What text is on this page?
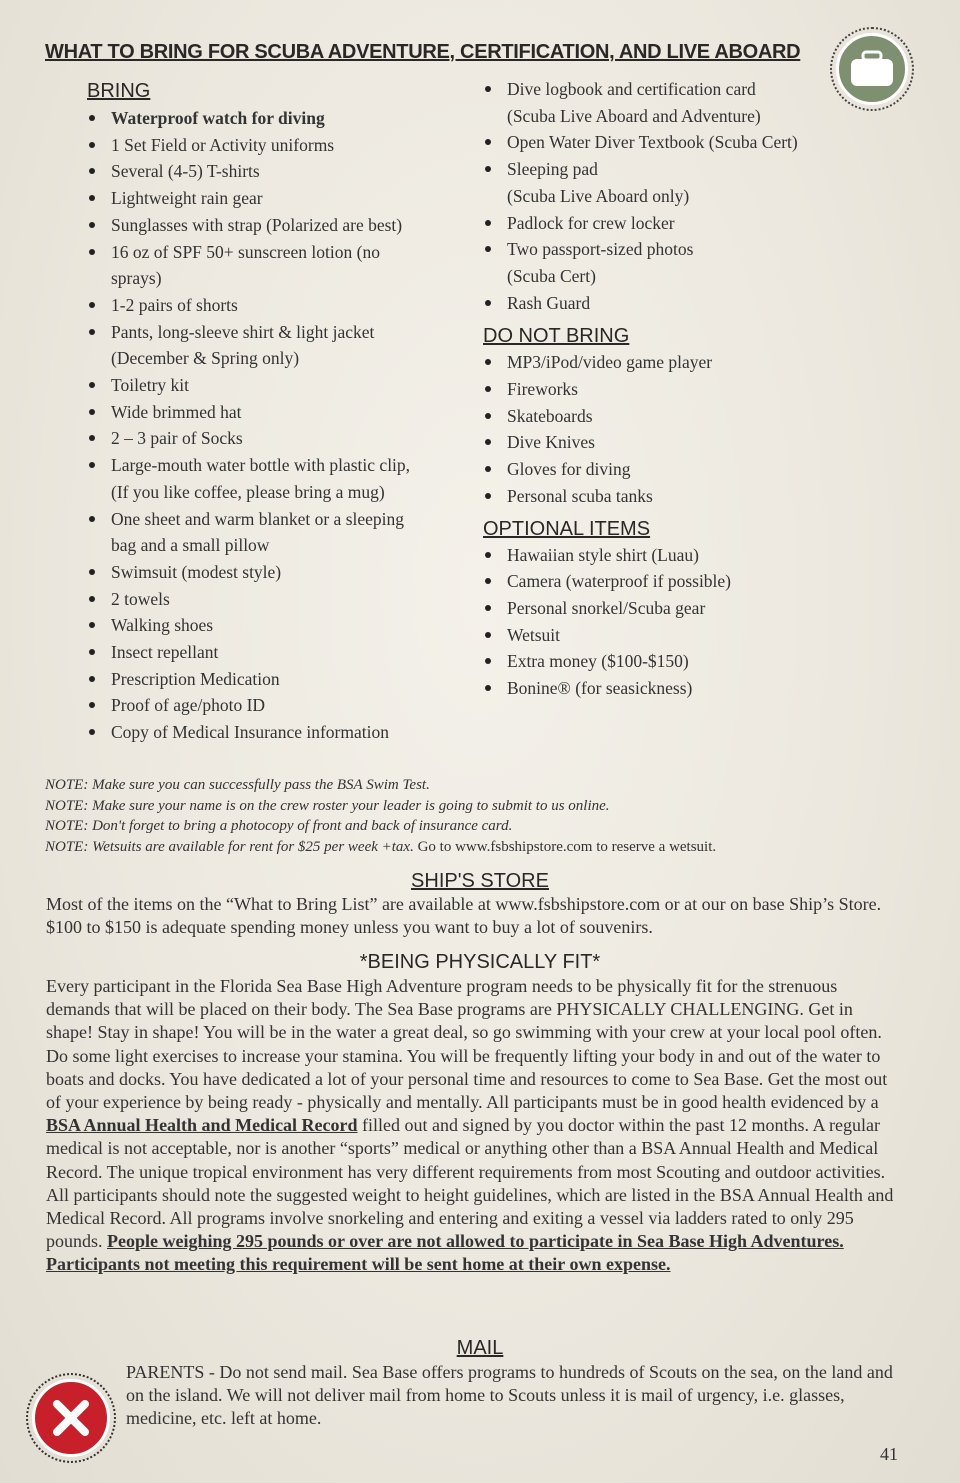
WHAT TO BRING FOR SCUBA ADVENTURE, CERTIFICATION, AND LIVE ABOARD
BRING
Waterproof watch for diving
1 Set Field or Activity uniforms
Several (4-5) T-shirts
Lightweight rain gear
Sunglasses with strap (Polarized are best)
16 oz of SPF 50+ sunscreen lotion (no
sprays)
1-2 pairs of shorts
Pants, long-sleeve shirt & light jacket
(December & Spring only)
Toiletry kit
Wide brimmed hat
2 – 3 pair of Socks
Large-mouth water bottle with plastic clip,
(If you like coffee, please bring a mug)
One sheet and warm blanket or a sleeping
bag and a small pillow
Swimsuit (modest style)
2 towels
Walking shoes
Insect repellant
Prescription Medication
Proof of age/photo ID
Copy of Medical Insurance information
Dive logbook and certification card
(Scuba Live Aboard and Adventure)
Open Water Diver Textbook (Scuba Cert)
Sleeping pad
(Scuba Live Aboard only)
Padlock for crew locker
Two passport-sized photos
(Scuba Cert)
Rash Guard
DO NOT BRING
MP3/iPod/video game player
Fireworks
Skateboards
Dive Knives
Gloves for diving
Personal scuba tanks
OPTIONAL ITEMS
Hawaiian style shirt (Luau)
Camera (waterproof if possible)
Personal snorkel/Scuba gear
Wetsuit
Extra money ($100-$150)
Bonine® (for seasickness)
NOTE: Make sure you can successfully pass the BSA Swim Test.
NOTE: Make sure your name is on the crew roster your leader is going to submit to us online.
NOTE: Don't forget to bring a photocopy of front and back of insurance card.
NOTE: Wetsuits are available for rent for $25 per week +tax. Go to www.fsbshipstore.com to reserve a wetsuit.
SHIP'S STORE
Most of the items on the “What to Bring List” are available at www.fsbshipstore.com or at our on base Ship’s Store. $100 to $150 is adequate spending money unless you want to buy a lot of souvenirs.
*BEING PHYSICALLY FIT*
Every participant in the Florida Sea Base High Adventure program needs to be physically fit for the strenuous demands that will be placed on their body. The Sea Base programs are PHYSICALLY CHALLENGING. Get in shape! Stay in shape! You will be in the water a great deal, so go swimming with your crew at your local pool often. Do some light exercises to increase your stamina. You will be frequently lifting your body in and out of the water to boats and docks. You have dedicated a lot of your personal time and resources to come to Sea Base. Get the most out of your experience by being ready - physically and mentally. All participants must be in good health evidenced by a BSA Annual Health and Medical Record filled out and signed by you doctor within the past 12 months. A regular medical is not acceptable, nor is another “sports” medical or anything other than a BSA Annual Health and Medical Record. The unique tropical environment has very different requirements from most Scouting and outdoor activities. All participants should note the suggested weight to height guidelines, which are listed in the BSA Annual Health and Medical Record. All programs involve snorkeling and entering and exiting a vessel via ladders rated to only 295 pounds. People weighing 295 pounds or over are not allowed to participate in Sea Base High Adventures. Participants not meeting this requirement will be sent home at their own expense.
MAIL
PARENTS - Do not send mail. Sea Base offers programs to hundreds of Scouts on the sea, on the land and on the island. We will not deliver mail from home to Scouts unless it is mail of urgency, i.e. glasses, medicine, etc. left at home.
41
